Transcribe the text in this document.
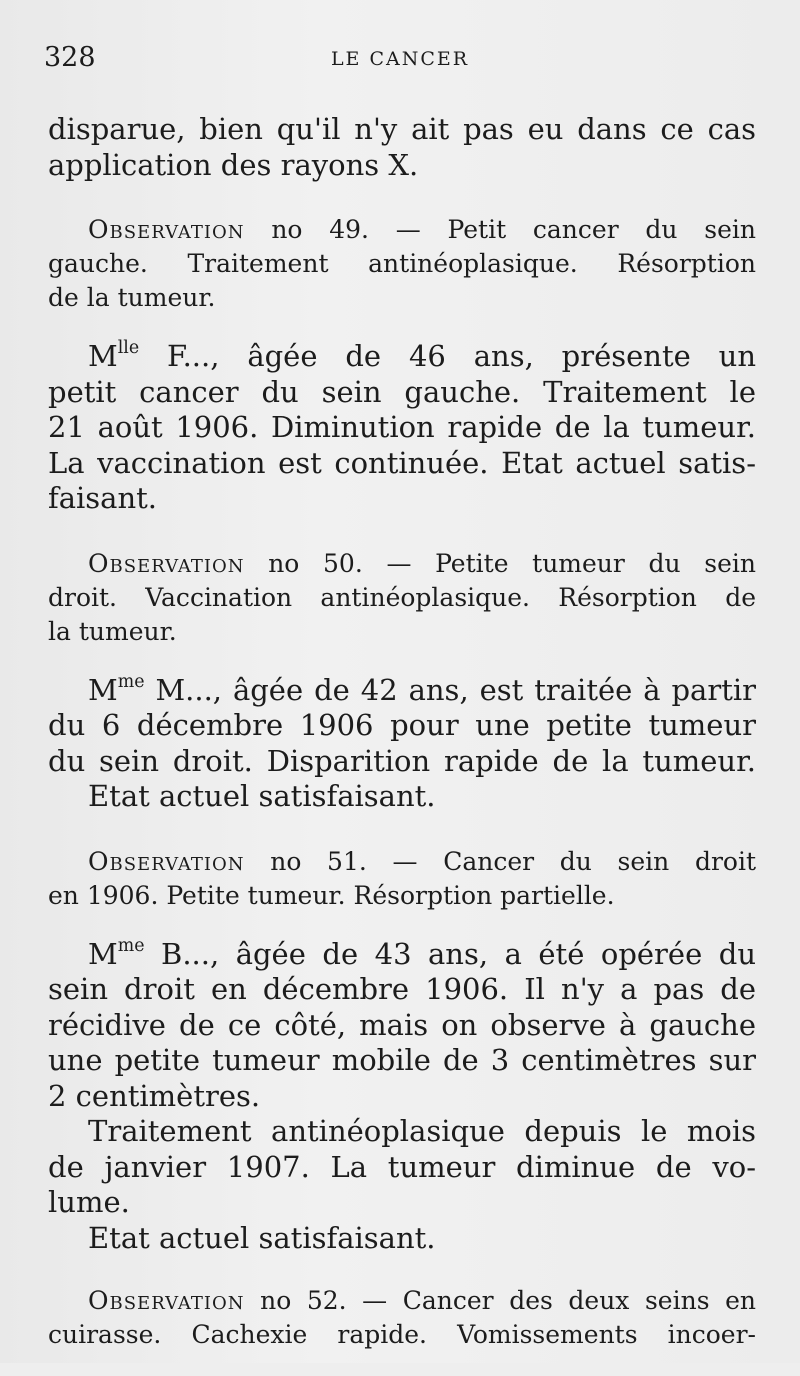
328	LE CANCER
disparue, bien qu'il n'y ait pas eu dans ce cas
application des rayons X.
Observation no 49. — Petit cancer du sein
gauche. Traitement antinéoplasique. Résorption
de la tumeur.
$M^{lle}$ F..., âgée de 46 ans, présente un
petit cancer du sein gauche. Traitement le
21 août 1906. Diminution rapide de la tumeur.
La vaccination est continuée. Etat actuel satis-
faisant.
Observation no 50. — Petite tumeur du sein
droit. Vaccination antinéoplasique. Résorption de
la tumeur.
$M^{me}$ M..., âgée de 42 ans, est traitée à partir
du 6 décembre 1906 pour une petite tumeur
du sein droit. Disparition rapide de la tumeur.
Etat actuel satisfaisant.
Observation no 51. — Cancer du sein droit
en 1906. Petite tumeur. Résorption partielle.
$M^{me}$ B..., âgée de 43 ans, a été opérée du
sein droit en décembre 1906. Il n'y a pas de
récidive de ce côté, mais on observe à gauche
une petite tumeur mobile de 3 centimètres sur
2 centimètres.
Traitement antinéoplasique depuis le mois
de janvier 1907. La tumeur diminue de vo-
lume.
Etat actuel satisfaisant.
Observation no 52. — Cancer des deux seins en
cuirasse. Cachexie rapide. Vomissements incoer-
